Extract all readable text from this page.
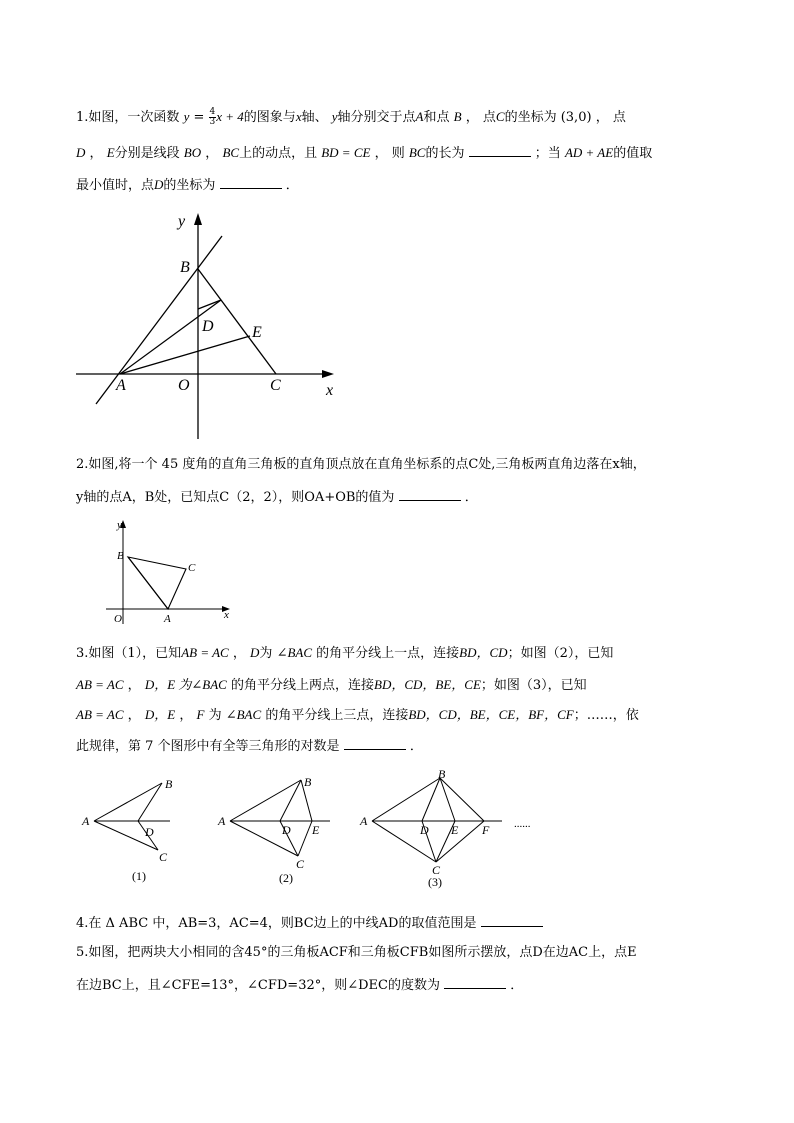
1.如图，一次函数 $y = \frac{4}{3}$ x + 4的图象与x轴、 y轴分别交于点A和点 B ， 点C的坐标为 (3,0) ， 点
D ， E分别是线段 BO ， BC上的动点，且 BD = CE ， 则 BC的长为	；当 AD + AE的值取
最小值时，点D的坐标为	．
y
B
D E
A	O	C	x
2.如图,将一个 45 度角的直角三角板的直角顶点放在直角坐标系的点C处,三角板两直角边落在x轴，
y轴的点A，B处，已知点C（2，2），则OA+OB的值为	．
y
B
C
O	A	x
3.如图（1），已知AB = AC ， D为 ∠BAC 的角平分线上一点，连接BD，CD；如图（2），已知
AB = AC ， D，E 为∠BAC 的角平分线上两点，连接BD，CD，BE，CE；如图（3），已知
AB = AC ， D，E ， F 为 ∠BAC 的角平分线上三点，连接BD，CD，BE，CE，BF，CF；……，依
此规律，第 7 个图形中有全等三角形的对数是	．
A
B
D
C
(1)
A
B
D E
C
(2)
A
B
D E F
C
......
(3)
4.在 Δ ABC 中，AB=3，AC=4，则BC边上的中线AD的取值范围是
5.如图，把两块大小相同的含45°的三角板ACF和三角板CFB如图所示摆放，点D在边AC上，点E
在边BC上，且∠CFE=13°，∠CFD=32°，则∠DEC的度数为	．
